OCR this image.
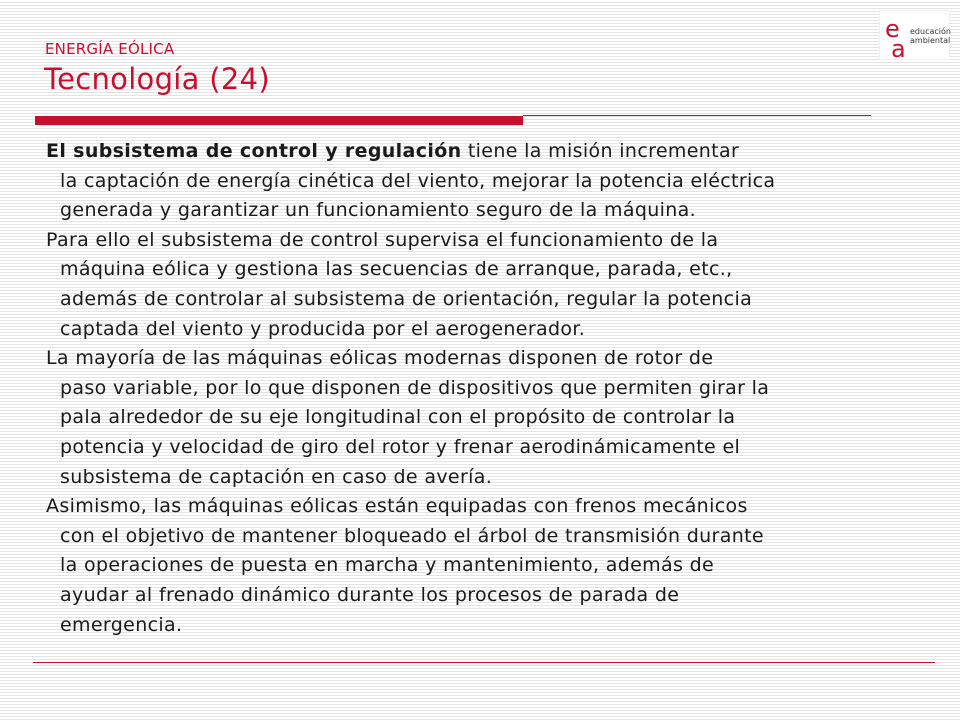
ENERGÍA EÓLICA
Tecnología (24)
e
a
educación
ambiental

El subsistema de control y regulación tiene la misión incrementar
la captación de energía cinética del viento, mejorar la potencia eléctrica
generada y garantizar un funcionamiento seguro de la máquina.

Para ello el subsistema de control supervisa el funcionamiento de la
máquina eólica y gestiona las secuencias de arranque, parada, etc.,
además de controlar al subsistema de orientación, regular la potencia
captada del viento y producida por el aerogenerador.

La mayoría de las máquinas eólicas modernas disponen de rotor de
paso variable, por lo que disponen de dispositivos que permiten girar la
pala alrededor de su eje longitudinal con el propósito de controlar la
potencia y velocidad de giro del rotor y frenar aerodinámicamente el
subsistema de captación en caso de avería.

Asimismo, las máquinas eólicas están equipadas con frenos mecánicos
con el objetivo de mantener bloqueado el árbol de transmisión durante
la operaciones de puesta en marcha y mantenimiento, además de
ayudar al frenado dinámico durante los procesos de parada de
emergencia.
